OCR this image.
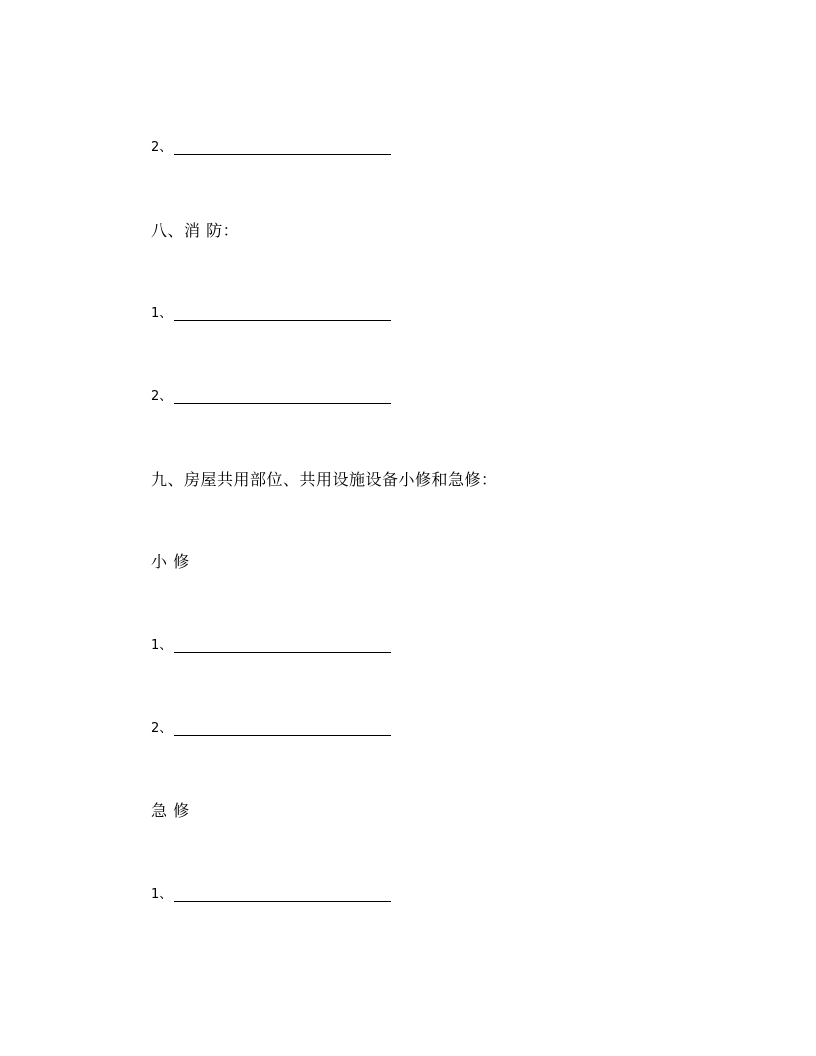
2、
八、消 防：
1、
2、
九、房屋共用部位、共用设施设备小修和急修：
小 修
1、
2、
急 修
1、
